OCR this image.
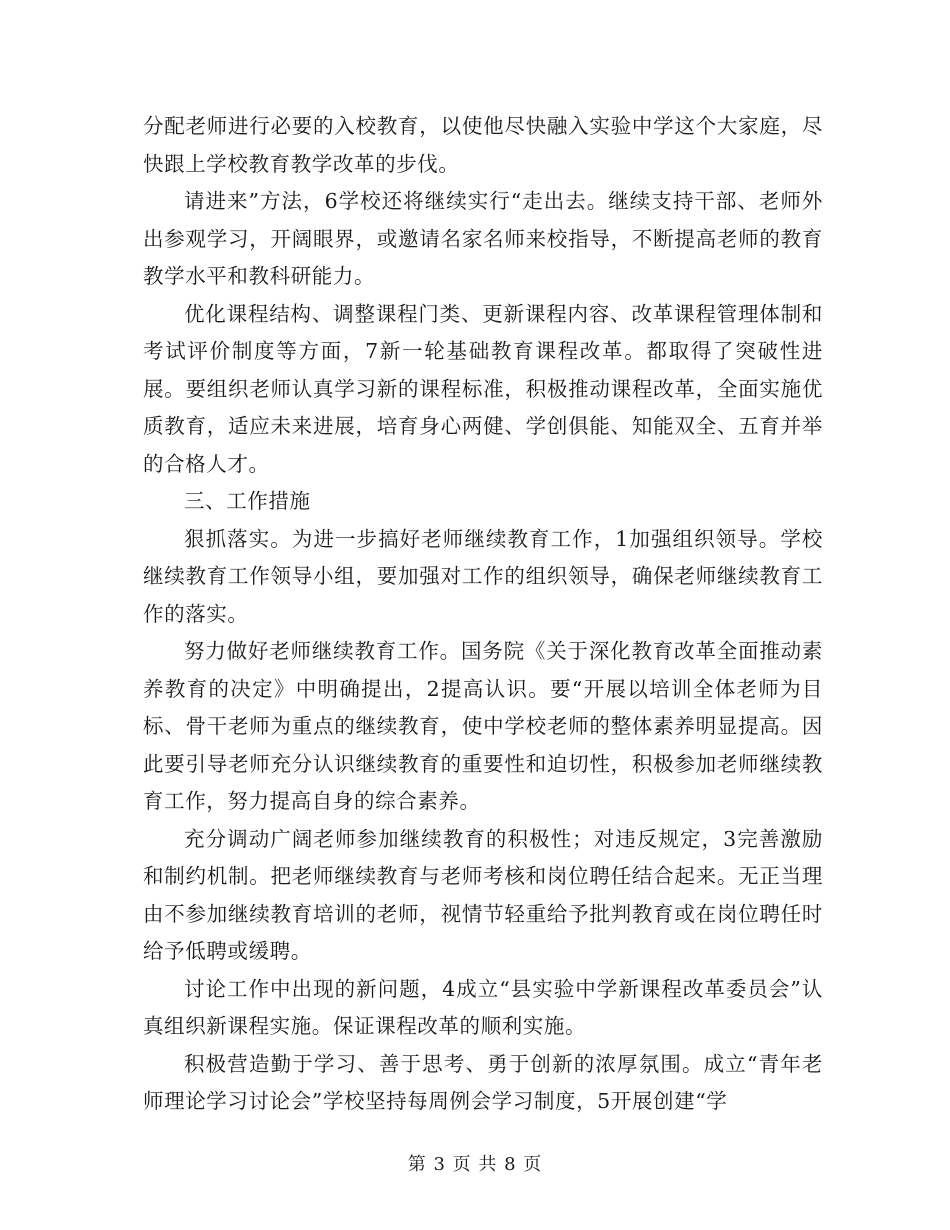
分配老师进行必要的入校教育，以使他尽快融入实验中学这个大家庭，尽快跟上学校教育教学改革的步伐。

请进来”方法，6学校还将继续实行“走出去。继续支持干部、老师外出参观学习，开阔眼界，或邀请名家名师来校指导，不断提高老师的教育教学水平和教科研能力。

优化课程结构、调整课程门类、更新课程内容、改革课程管理体制和考试评价制度等方面，7新一轮基础教育课程改革。都取得了突破性进展。要组织老师认真学习新的课程标准，积极推动课程改革，全面实施优质教育，适应未来进展，培育身心两健、学创俱能、知能双全、五育并举的合格人才。

三、工作措施

狠抓落实。为进一步搞好老师继续教育工作，1加强组织领导。学校继续教育工作领导小组，要加强对工作的组织领导，确保老师继续教育工作的落实。

努力做好老师继续教育工作。国务院《关于深化教育改革全面推动素养教育的决定》中明确提出，2提高认识。要“开展以培训全体老师为目标、骨干老师为重点的继续教育，使中学校老师的整体素养明显提高。因此要引导老师充分认识继续教育的重要性和迫切性，积极参加老师继续教育工作，努力提高自身的综合素养。

充分调动广阔老师参加继续教育的积极性；对违反规定，3完善激励和制约机制。把老师继续教育与老师考核和岗位聘任结合起来。无正当理由不参加继续教育培训的老师，视情节轻重给予批判教育或在岗位聘任时给予低聘或缓聘。

讨论工作中出现的新问题，4成立“县实验中学新课程改革委员会”认真组织新课程实施。保证课程改革的顺利实施。

积极营造勤于学习、善于思考、勇于创新的浓厚氛围。成立“青年老师理论学习讨论会”学校坚持每周例会学习制度，5开展创建“学

第 3 页 共 8 页
